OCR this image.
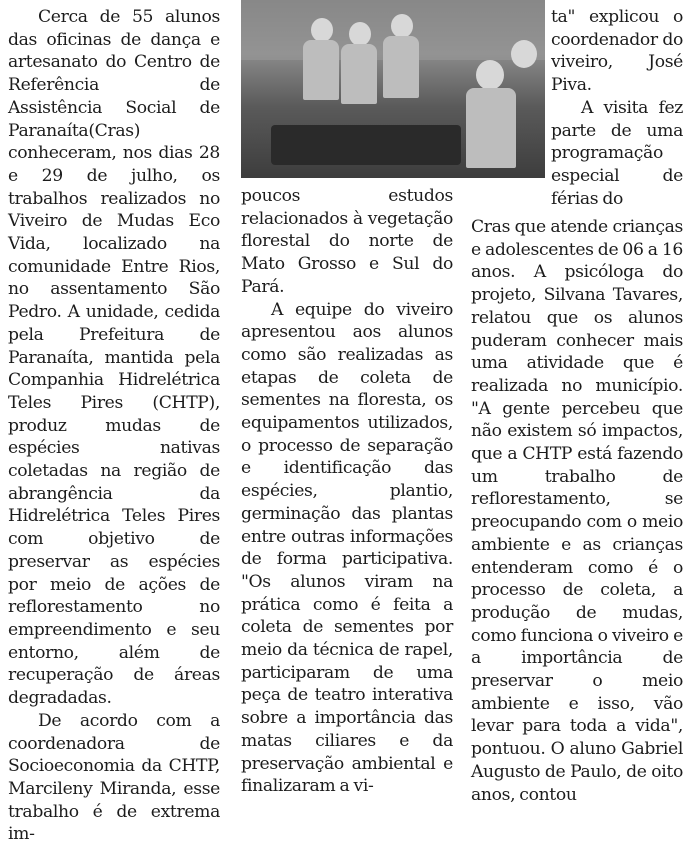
Cerca de 55 alunos das oficinas de dança e artesanato do Centro de Referência de Assistência Social de Paranaíta(Cras) conheceram, nos dias 28 e 29 de julho, os trabalhos realizados no Viveiro de Mudas Eco Vida, localizado na comunidade Entre Rios, no assentamento São Pedro. A unidade, cedida pela Prefeitura de Paranaíta, mantida pela Companhia Hidrelétrica Teles Pires (CHTP), produz mudas de espécies nativas coletadas na região de abrangência da Hidrelétrica Teles Pires com objetivo de preservar as espécies por meio de ações de reflorestamento no empreendimento e seu entorno, além de recuperação de áreas degradadas.

De acordo com a coordenadora de Socioeconomia da CHTP, Marcileny Miranda, esse trabalho é de extrema im-

poucos estudos relacionados à vegetação florestal do norte de Mato Grosso e Sul do Pará.

A equipe do viveiro apresentou aos alunos como são realizadas as etapas de coleta de sementes na floresta, os equipamentos utilizados, o processo de separação e identificação das espécies, plantio, germinação das plantas entre outras informações de forma participativa. "Os alunos viram na prática como é feita a coleta de sementes por meio da técnica de rapel, participaram de uma peça de teatro interativa sobre a importância das matas ciliares e da preservação ambiental e finalizaram a vi-

ta" explicou o coordenador do viveiro, José Piva.

A visita fez parte de uma programação especial de férias do

Cras que atende crianças e adolescentes de 06 a 16 anos. A psicóloga do projeto, Silvana Tavares, relatou que os alunos puderam conhecer mais uma atividade que é realizada no município. "A gente percebeu que não existem só impactos, que a CHTP está fazendo um trabalho de reflorestamento, se preocupando com o meio ambiente e as crianças entenderam como é o processo de coleta, a produção de mudas, como funciona o viveiro e a importância de preservar o meio ambiente e isso, vão levar para toda a vida", pontuou. O aluno Gabriel Augusto de Paulo, de oito anos, contou
